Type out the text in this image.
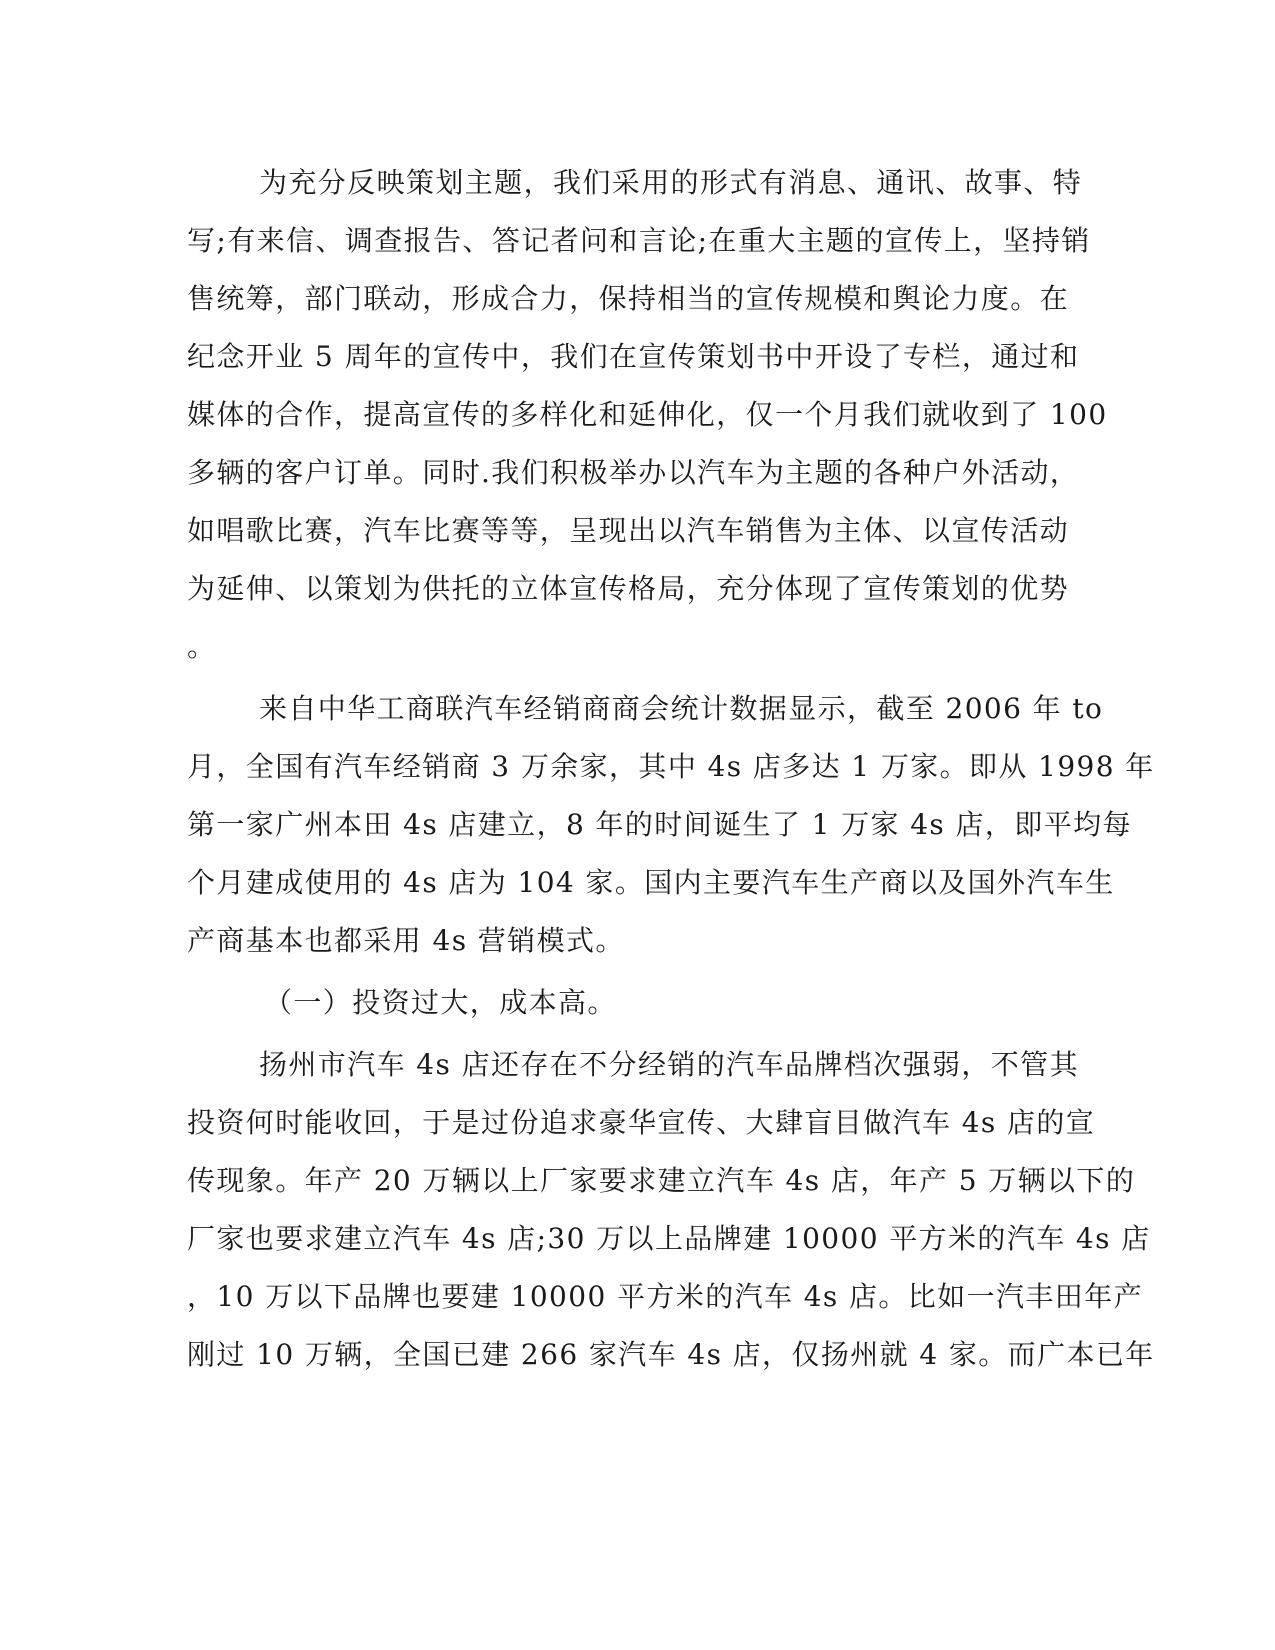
为充分反映策划主题，我们采用的形式有消息、通讯、故事、特
写;有来信、调查报告、答记者问和言论;在重大主题的宣传上，坚持销
售统筹，部门联动，形成合力，保持相当的宣传规模和舆论力度。在
纪念开业 5 周年的宣传中，我们在宣传策划书中开设了专栏，通过和
媒体的合作，提高宣传的多样化和延伸化，仅一个月我们就收到了 100
多辆的客户订单。同时.我们积极举办以汽车为主题的各种户外活动，
如唱歌比赛，汽车比赛等等，呈现出以汽车销售为主体、以宣传活动
为延伸、以策划为供托的立体宣传格局，充分体现了宣传策划的优势
。
来自中华工商联汽车经销商商会统计数据显示，截至 2006 年 to
月，全国有汽车经销商 3 万余家，其中 4s 店多达 1 万家。即从 1998 年
第一家广州本田 4s 店建立，8 年的时间诞生了 1 万家 4s 店，即平均每
个月建成使用的 4s 店为 104 家。国内主要汽车生产商以及国外汽车生
产商基本也都采用 4s 营销模式。
（一）投资过大，成本高。
扬州市汽车 4s 店还存在不分经销的汽车品牌档次强弱，不管其
投资何时能收回，于是过份追求豪华宣传、大肆盲目做汽车 4s 店的宣
传现象。年产 20 万辆以上厂家要求建立汽车 4s 店，年产 5 万辆以下的
厂家也要求建立汽车 4s 店;30 万以上品牌建 10000 平方米的汽车 4s 店
，10 万以下品牌也要建 10000 平方米的汽车 4s 店。比如一汽丰田年产
刚过 10 万辆，全国已建 266 家汽车 4s 店，仅扬州就 4 家。而广本已年
